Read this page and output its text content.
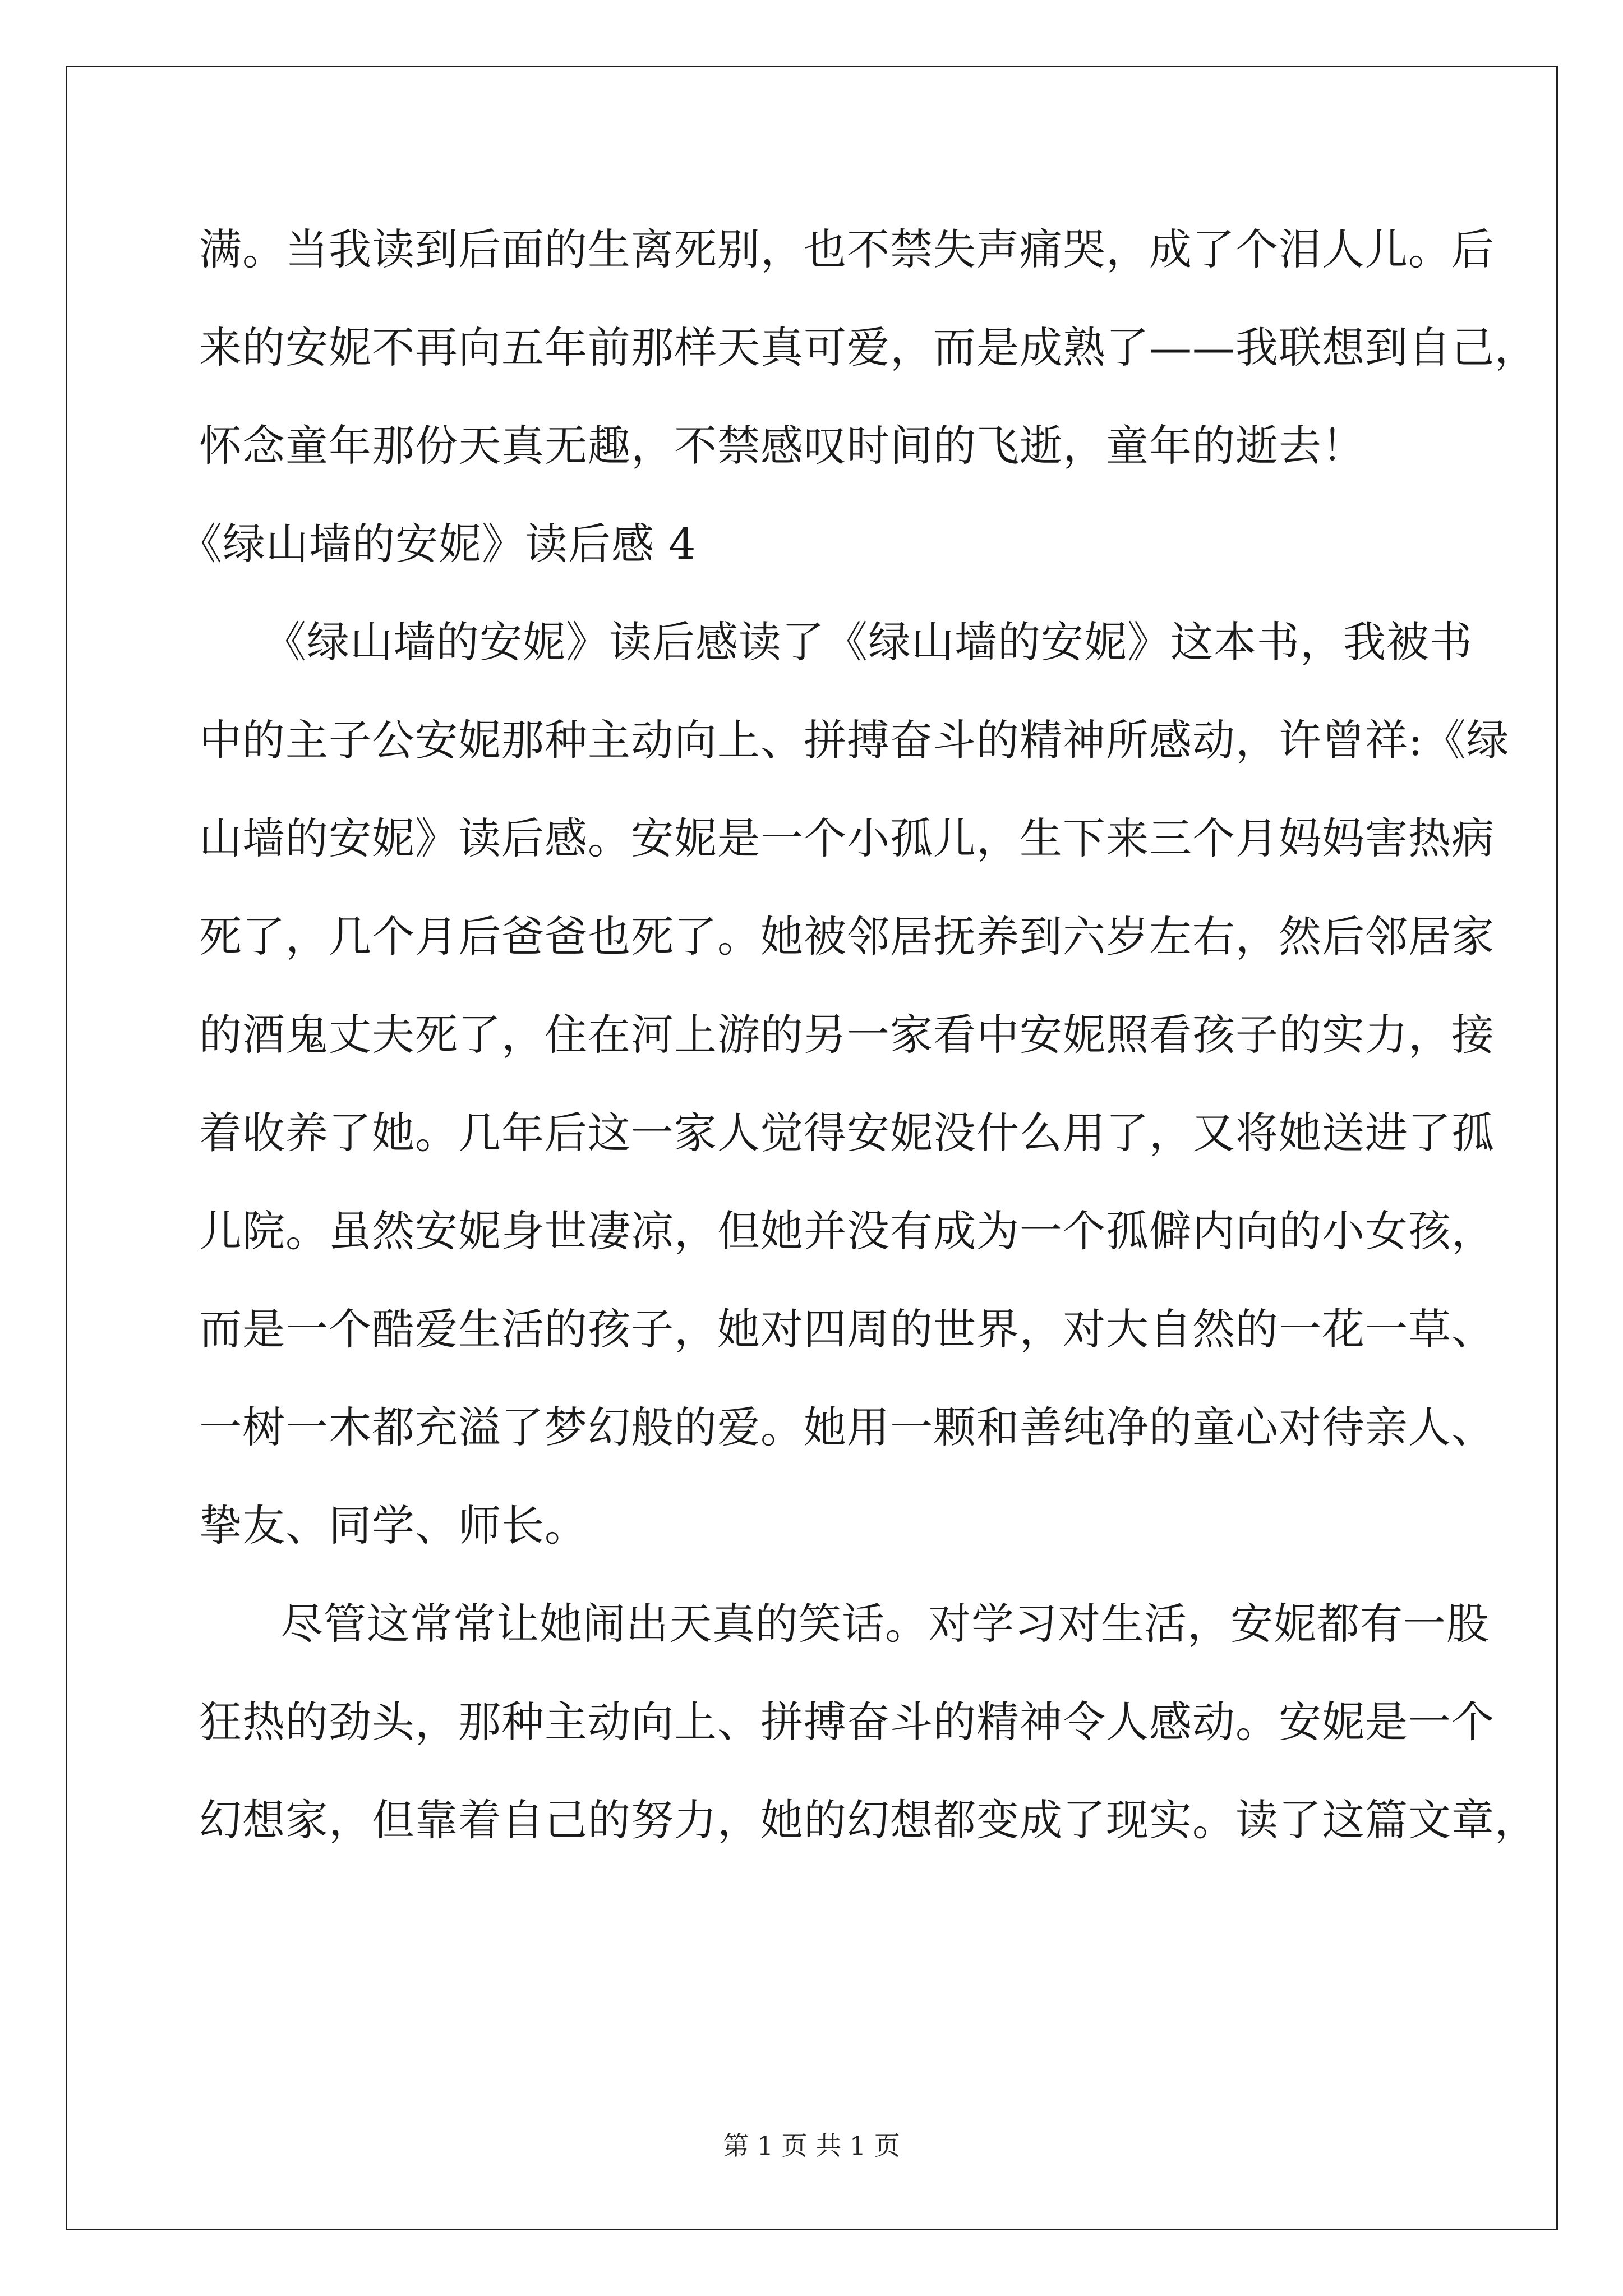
满。当我读到后面的生离死别，也不禁失声痛哭，成了个泪人儿。后
来的安妮不再向五年前那样天真可爱，而是成熟了——我联想到自己，
怀念童年那份天真无趣，不禁感叹时间的飞逝，童年的逝去！
《绿山墙的安妮》读后感 4
《绿山墙的安妮》读后感读了《绿山墙的安妮》这本书，我被书
中的主子公安妮那种主动向上、拼搏奋斗的精神所感动，许曾祥:《绿
山墙的安妮》读后感。安妮是一个小孤儿，生下来三个月妈妈害热病
死了，几个月后爸爸也死了。她被邻居抚养到六岁左右，然后邻居家
的酒鬼丈夫死了，住在河上游的另一家看中安妮照看孩子的实力，接
着收养了她。几年后这一家人觉得安妮没什么用了，又将她送进了孤
儿院。虽然安妮身世凄凉，但她并没有成为一个孤僻内向的小女孩，
而是一个酷爱生活的孩子，她对四周的世界，对大自然的一花一草、
一树一木都充溢了梦幻般的爱。她用一颗和善纯净的童心对待亲人、
挚友、同学、师长。
尽管这常常让她闹出天真的笑话。对学习对生活，安妮都有一股
狂热的劲头，那种主动向上、拼搏奋斗的精神令人感动。安妮是一个
幻想家，但靠着自己的努力，她的幻想都变成了现实。读了这篇文章，
第 1 页 共 1 页
